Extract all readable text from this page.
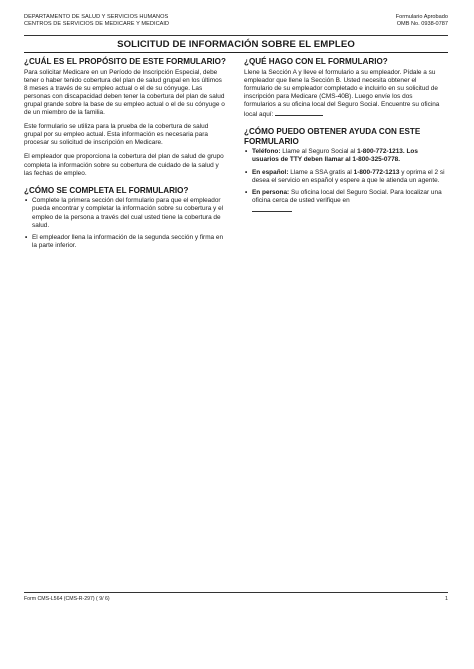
DEPARTAMENTO DE SALUD Y SERVICIOS HUMANOS
CENTROS DE SERVICIOS DE MEDICARE Y MEDICAID
Formulario Aprobado
OMB No. 0938-0787
SOLICITUD DE INFORMACIÓN SOBRE EL EMPLEO
¿CUÁL ES EL PROPÓSITO DE ESTE FORMULARIO?

Para solicitar Medicare en un Período de Inscripción Especial, debe tener o haber tenido cobertura del plan de salud grupal en los últimos 8 meses a través de su empleo actual o el de su cónyuge. Las personas con discapacidad deben tener la cobertura del plan de salud grupal grande sobre la base de su empleo actual o el de su cónyuge o de un miembro de la familia.

Este formulario se utiliza para la prueba de la cobertura de salud grupal por su empleo actual. Esta información es necesaria para procesar su solicitud de inscripción en Medicare.

El empleador que proporciona la cobertura del plan de salud de grupo completa la información sobre su cobertura de cuidado de la salud y las fechas de empleo.

¿CÓMO SE COMPLETA EL FORMULARIO?
• Complete la primera sección del formulario para que el empleador pueda encontrar y completar la información sobre su cobertura y el empleo de la persona a través del cual usted tiene la cobertura de salud.
• El empleador llena la información de la segunda sección y firma en la parte inferior.
¿QUÉ HAGO CON EL FORMULARIO?

Llene la Sección A y lleve el formulario a su empleador. Pídale a su empleador que llene la Sección B. Usted necesita obtener el formulario de su empleador completado e incluirlo en su solicitud de inscripción para Medicare (CMS-40B). Luego envíe los dos formularios a su oficina local del Seguro Social. Encuentre su oficina local aquí:

¿CÓMO PUEDO OBTENER AYUDA CON ESTE FORMULARIO
• Teléfono: Llame al Seguro Social al 1-800-772-1213. Los usuarios de TTY deben llamar al 1-800-325-0778.
• En español: Llame a SSA gratis al 1-800-772-1213 y oprima el 2 si desea el servicio en español y espere a que le atienda un agente.
• En persona: Su oficina local del Seguro Social. Para localizar una oficina cerca de usted verifique en

Form CMS-L564 (CMS-R-297) ( 9/ 6)	1
